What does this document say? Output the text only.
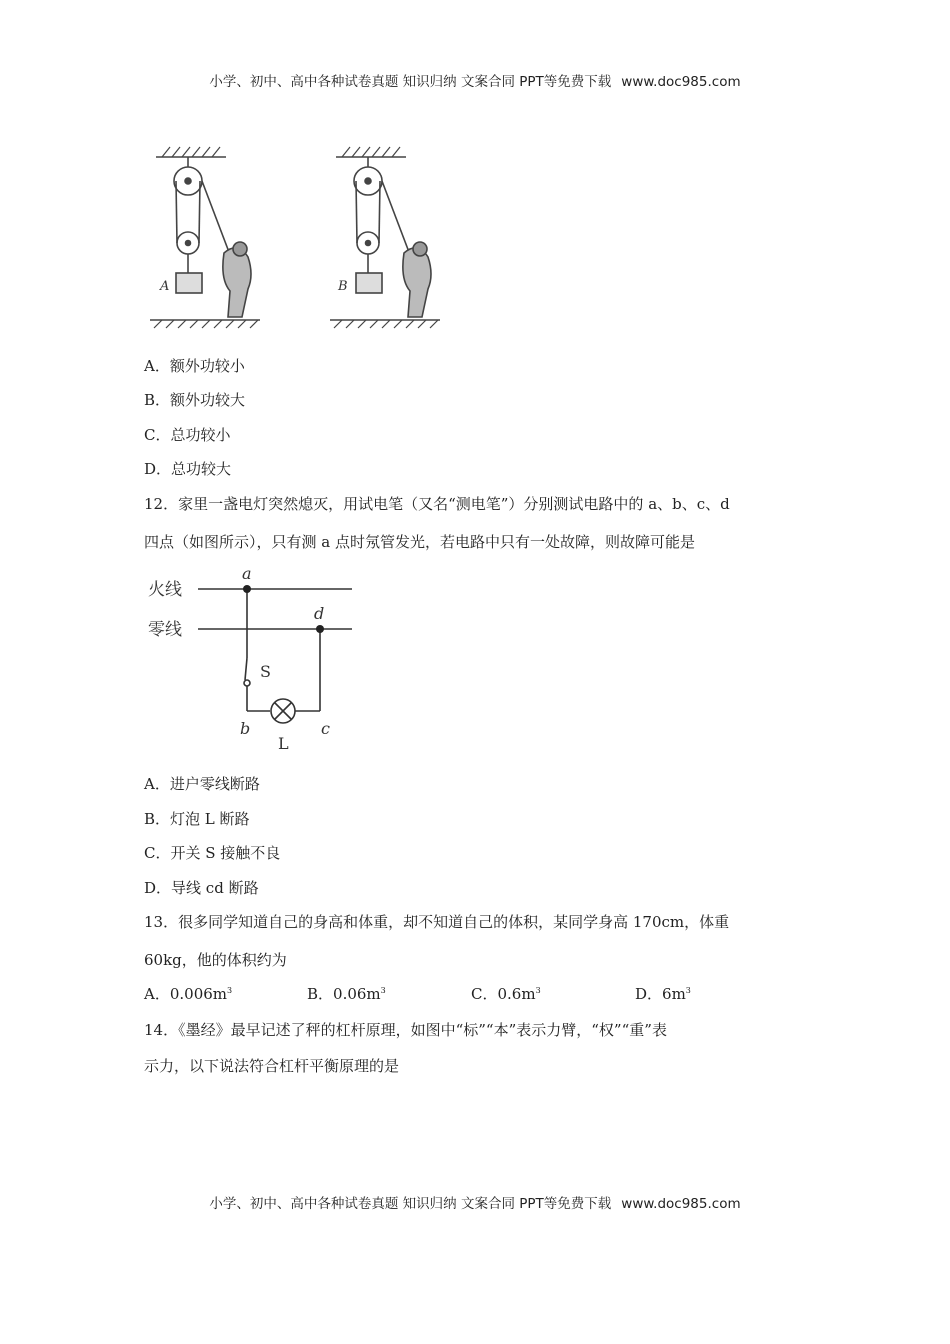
小学、初中、高中各种试卷真题 知识归纳 文案合同 PPT等免费下载 www.doc985.com
A	B
A．额外功较小
B．额外功较大
C．总功较小
D．总功较大
12．家里一盏电灯突然熄灭，用试电笔（又名“测电笔”）分别测试电路中的 a、b、c、d
四点（如图所示），只有测 a 点时氖管发光，若电路中只有一处故障，则故障可能是
火线
零线
a
d
S
b	c
L
A．进户零线断路
B．灯泡 L 断路
C．开关 S 接触不良
D．导线 cd 断路
13．很多同学知道自己的身高和体重，却不知道自己的体积，某同学身高 170cm，体重
60kg，他的体积约为
A．$0.006m^3$	B．$0.06m^3$	C．$0.6m^3$	D．$6m^3$
14．《墨经》最早记述了秤的杠杆原理，如图中“标”“本”表示力臂，“权”“重”表
示力，以下说法符合杠杆平衡原理的是
小学、初中、高中各种试卷真题 知识归纳 文案合同 PPT等免费下载 www.doc985.com
